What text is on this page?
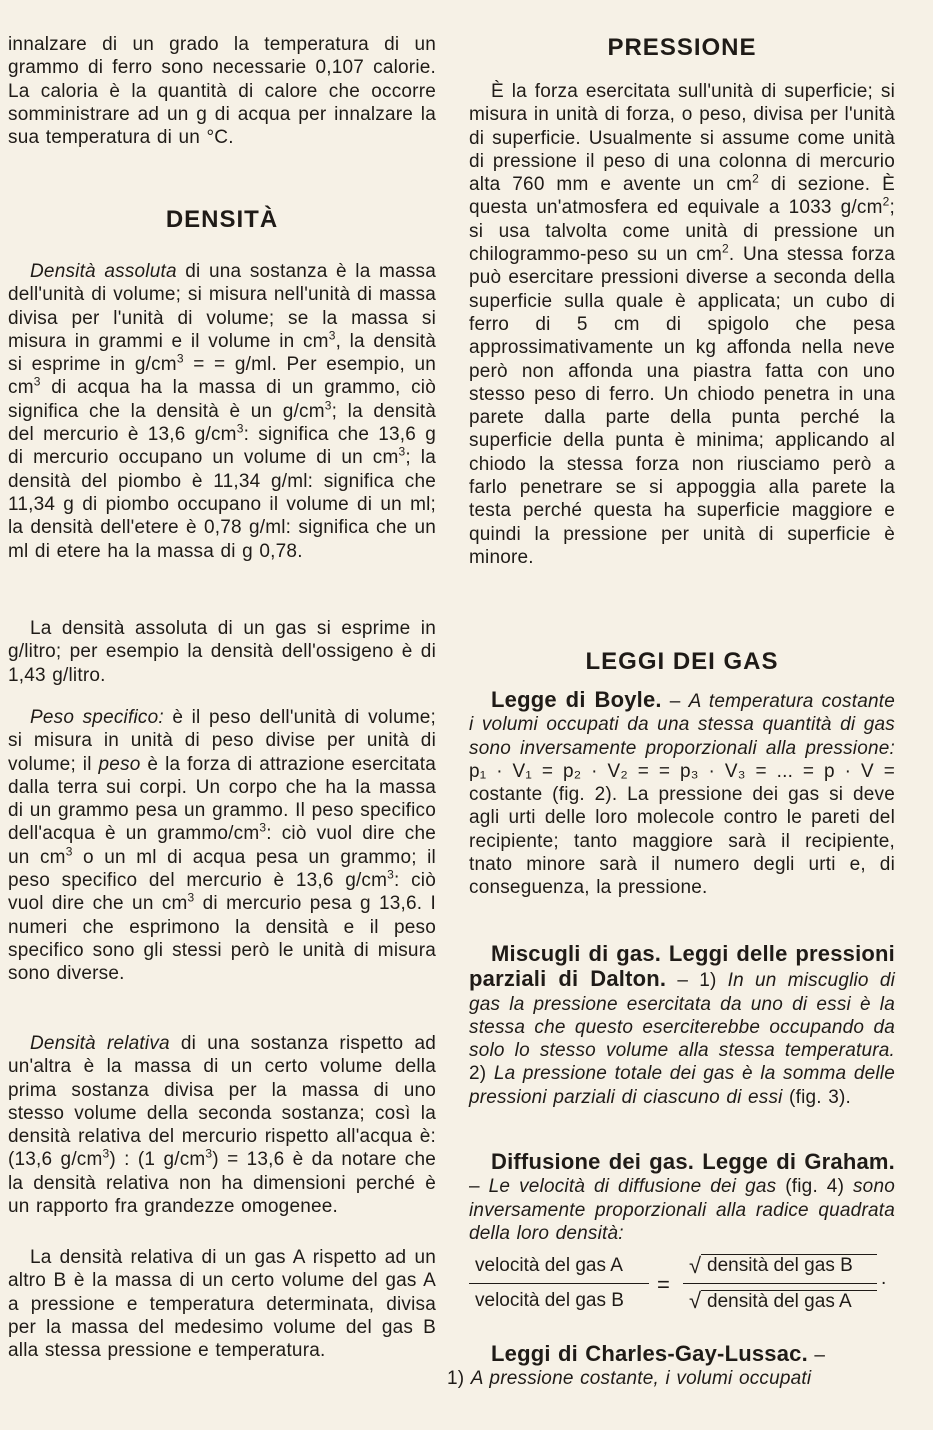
innalzare di un grado la temperatura di un grammo di ferro sono necessarie 0,107 calorie. La caloria è la quantità di calore che occorre somministrare ad un g di acqua per innalzare la sua temperatura di un °C.

DENSITÀ

Densità assoluta di una sostanza è la massa dell'unità di volume; si misura nell'unità di massa divisa per l'unità di volume; se la massa si misura in grammi e il volume in $cm^3$, la densità si esprime in $g/cm^3$ = = g/ml. Per esempio, un $cm^3$ di acqua ha la massa di un grammo, ciò significa che la densità è un $g/cm^3$; la densità del mercurio è 13,6 $g/cm^3$: significa che 13,6 g di mercurio occupano un volume di un $cm^3$; la densità del piombo è 11,34 g/ml: significa che 11,34 g di piombo occupano il volume di un ml; la densità dell'etere è 0,78 g/ml: significa che un ml di etere ha la massa di g 0,78.

La densità assoluta di un gas si esprime in g/litro; per esempio la densità dell'ossigeno è di 1,43 g/litro.

Peso specifico: è il peso dell'unità di volume; si misura in unità di peso divise per unità di volume; il peso è la forza di attrazione esercitata dalla terra sui corpi. Un corpo che ha la massa di un grammo pesa un grammo. Il peso specifico dell'acqua è un grammo/$cm^3$: ciò vuol dire che un $cm^3$ o un ml di acqua pesa un grammo; il peso specifico del mercurio è 13,6 $g/cm^3$: ciò vuol dire che un $cm^3$ di mercurio pesa g 13,6. I numeri che esprimono la densità e il peso specifico sono gli stessi però le unità di misura sono diverse.

Densità relativa di una sostanza rispetto ad un'altra è la massa di un certo volume della prima sostanza divisa per la massa di uno stesso volume della seconda sostanza; così la densità relativa del mercurio rispetto all'acqua è: (13,6 $g/cm^3$) : (1 $g/cm^3) = 13,6$ è da notare che la densità relativa non ha dimensioni perché è un rapporto fra grandezze omogenee.

La densità relativa di un gas A rispetto ad un altro B è la massa di un certo volume del gas A a pressione e temperatura determinata, divisa per la massa del medesimo volume del gas B alla stessa pressione e temperatura.

PRESSIONE

È la forza esercitata sull'unità di superficie; si misura in unità di forza, o peso, divisa per l'unità di superficie. Usualmente si assume come unità di pressione il peso di una colonna di mercurio alta 760 mm e avente un $cm^2$ di sezione. È questa un'atmosfera ed equivale a 1033 $g/cm^2$; si usa talvolta come unità di pressione un chilogrammo-peso su un $cm^2$. Una stessa forza può esercitare pressioni diverse a seconda della superficie sulla quale è applicata; un cubo di ferro di 5 cm di spigolo che pesa approssimativamente un kg affonda nella neve però non affonda una piastra fatta con uno stesso peso di ferro. Un chiodo penetra in una parete dalla parte della punta perché la superficie della punta è minima; applicando al chiodo la stessa forza non riusciamo però a farlo penetrare se si appoggia alla parete la testa perché questa ha superficie maggiore e quindi la pressione per unità di superficie è minore.

LEGGI DEI GAS

Legge di Boyle. – A temperatura costante i volumi occupati da una stessa quantità di gas sono inversamente proporzionali alla pressione: p₁ · V₁ = p₂ · V₂ = = p₃ · V₃ = ... = p · V = costante (fig. 2). La pressione dei gas si deve agli urti delle loro molecole contro le pareti del recipiente; tanto maggiore sarà il recipiente, tnato minore sarà il numero degli urti e, di conseguenza, la pressione.

Miscugli di gas. Leggi delle pressioni parziali di Dalton. – 1) In un miscuglio di gas la pressione esercitata da uno di essi è la stessa che questo eserciterebbe occupando da solo lo stesso volume alla stessa temperatura. 2) La pressione totale dei gas è la somma delle pressioni parziali di ciascuno di essi (fig. 3).

Diffusione dei gas. Legge di Graham. – Le velocità di diffusione dei gas (fig. 4) sono inversamente proporzionali alla radice quadrata della loro densità:

velocità del gas A
velocità del gas B
=
√ densità del gas B
√ densità del gas A
.

Leggi di Charles-Gay-Lussac. –
1) A pressione costante, i volumi occupati
